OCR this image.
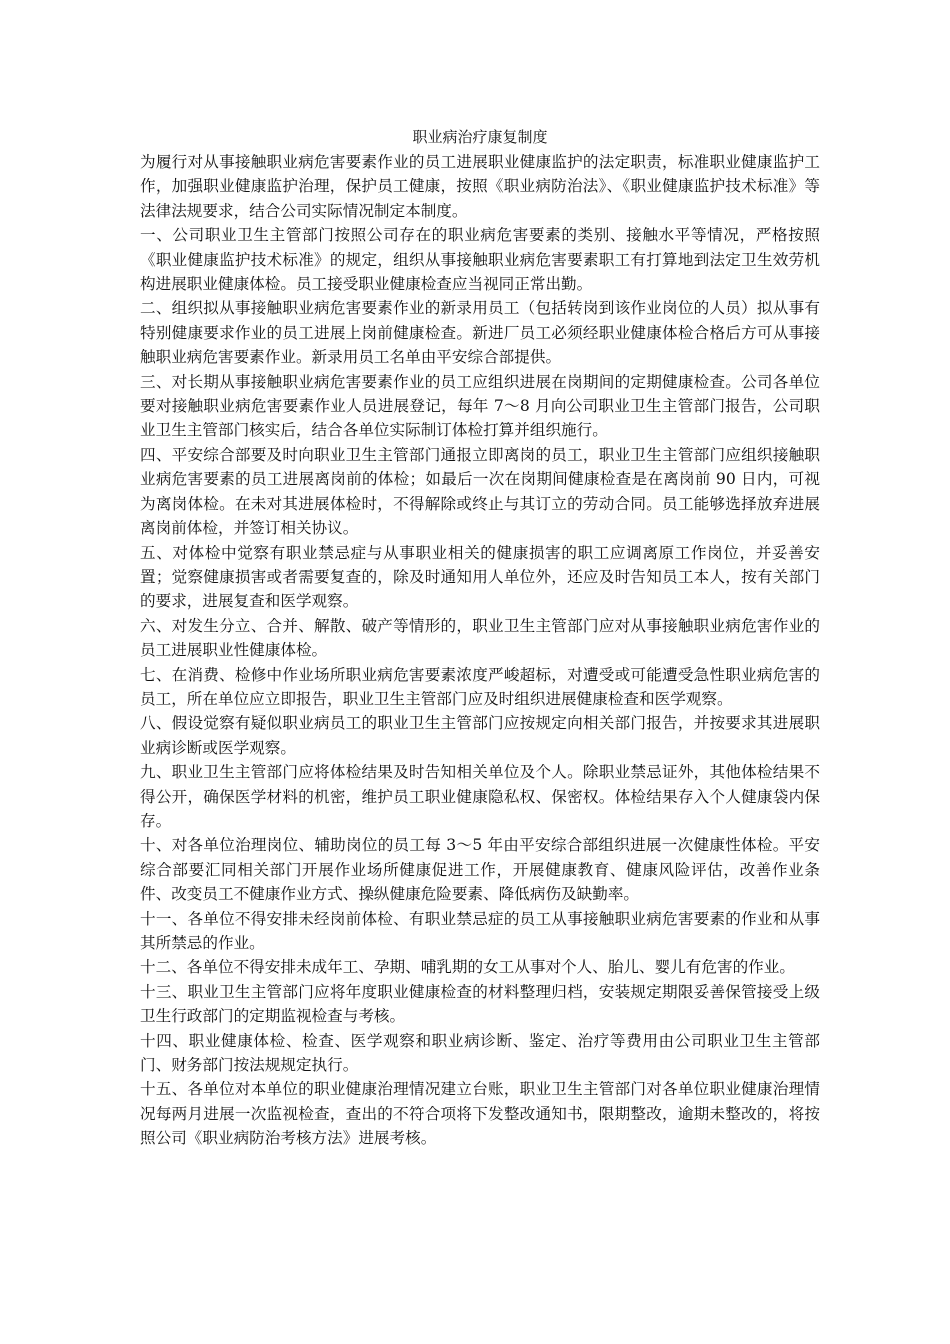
职业病治疗康复制度

为履行对从事接触职业病危害要素作业的员工进展职业健康监护的法定职责，标准职业健康监护工作，加强职业健康监护治理，保护员工健康，按照《职业病防治法》、《职业健康监护技术标准》等法律法规要求，结合公司实际情况制定本制度。

一、公司职业卫生主管部门按照公司存在的职业病危害要素的类别、接触水平等情况，严格按照《职业健康监护技术标准》的规定，组织从事接触职业病危害要素职工有打算地到法定卫生效劳机构进展职业健康体检。员工接受职业健康检查应当视同正常出勤。

二、组织拟从事接触职业病危害要素作业的新录用员工（包括转岗到该作业岗位的人员）拟从事有特别健康要求作业的员工进展上岗前健康检查。新进厂员工必须经职业健康体检合格后方可从事接触职业病危害要素作业。新录用员工名单由平安综合部提供。

三、对长期从事接触职业病危害要素作业的员工应组织进展在岗期间的定期健康检查。公司各单位要对接触职业病危害要素作业人员进展登记，每年 7～8 月向公司职业卫生主管部门报告，公司职业卫生主管部门核实后，结合各单位实际制订体检打算并组织施行。

四、平安综合部要及时向职业卫生主管部门通报立即离岗的员工，职业卫生主管部门应组织接触职业病危害要素的员工进展离岗前的体检；如最后一次在岗期间健康检查是在离岗前 90 日内，可视为离岗体检。在未对其进展体检时，不得解除或终止与其订立的劳动合同。员工能够选择放弃进展离岗前体检，并签订相关协议。

五、对体检中觉察有职业禁忌症与从事职业相关的健康损害的职工应调离原工作岗位，并妥善安置；觉察健康损害或者需要复查的，除及时通知用人单位外，还应及时告知员工本人，按有关部门的要求，进展复查和医学观察。

六、对发生分立、合并、解散、破产等情形的，职业卫生主管部门应对从事接触职业病危害作业的员工进展职业性健康体检。

七、在消费、检修中作业场所职业病危害要素浓度严峻超标，对遭受或可能遭受急性职业病危害的员工，所在单位应立即报告，职业卫生主管部门应及时组织进展健康检查和医学观察。

八、假设觉察有疑似职业病员工的职业卫生主管部门应按规定向相关部门报告，并按要求其进展职业病诊断或医学观察。

九、职业卫生主管部门应将体检结果及时告知相关单位及个人。除职业禁忌证外，其他体检结果不得公开，确保医学材料的机密，维护员工职业健康隐私权、保密权。体检结果存入个人健康袋内保存。

十、对各单位治理岗位、辅助岗位的员工每 3～5 年由平安综合部组织进展一次健康性体检。平安综合部要汇同相关部门开展作业场所健康促进工作，开展健康教育、健康风险评估，改善作业条件、改变员工不健康作业方式、操纵健康危险要素、降低病伤及缺勤率。

十一、各单位不得安排未经岗前体检、有职业禁忌症的员工从事接触职业病危害要素的作业和从事其所禁忌的作业。

十二、各单位不得安排未成年工、孕期、哺乳期的女工从事对个人、胎儿、婴儿有危害的作业。

十三、职业卫生主管部门应将年度职业健康检查的材料整理归档，安装规定期限妥善保管接受上级卫生行政部门的定期监视检查与考核。

十四、职业健康体检、检查、医学观察和职业病诊断、鉴定、治疗等费用由公司职业卫生主管部门、财务部门按法规规定执行。

十五、各单位对本单位的职业健康治理情况建立台账，职业卫生主管部门对各单位职业健康治理情况每两月进展一次监视检查，查出的不符合项将下发整改通知书，限期整改，逾期未整改的，将按照公司《职业病防治考核方法》进展考核。
